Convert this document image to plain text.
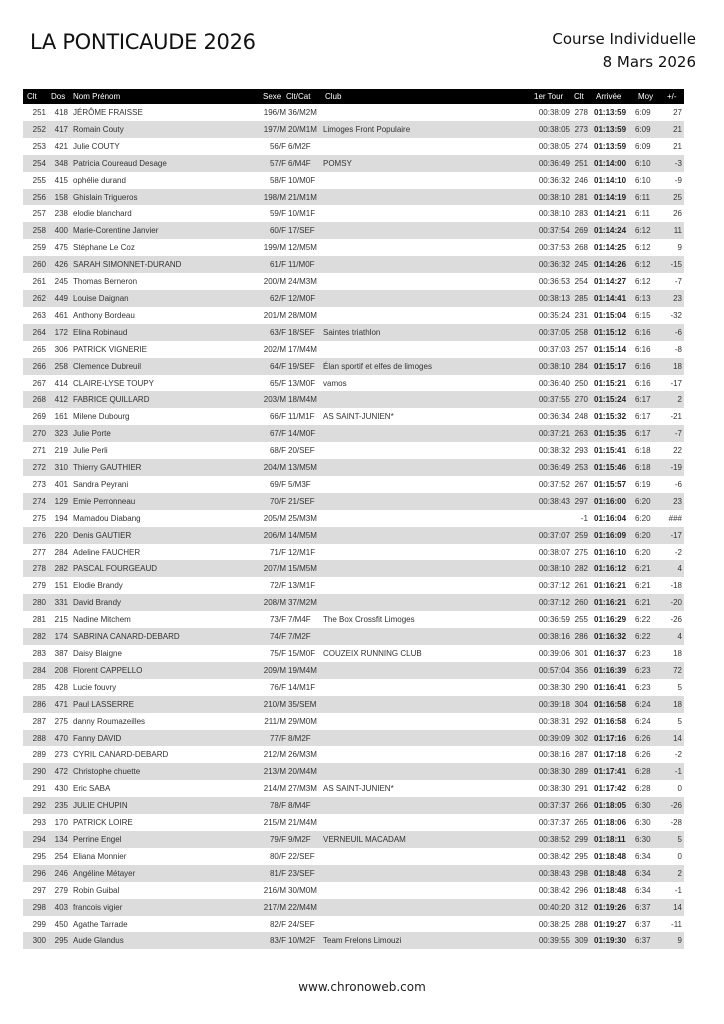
LA PONTICAUDE 2026	Course Individuelle
8 Mars 2026
Clt	Dos Nom Prénom	Sexe Clt/Cat Club	1er Tour Clt Arrivée Moy +/-
251	418 JÉRÔME FRAISSE	196/M 36/M2M	00:38:09 278 01:13:59 6:09	27
252	417 Romain Couty	197/M 20/M1M Limoges Front Populaire	00:38:05 273 01:13:59 6:09	21
253	421 Julie COUTY	56/F 6/M2F	00:38:05 274 01:13:59 6:09	21
254	348 Patricia Coureaud Desage	57/F 6/M4F POMSY	00:36:49 251 01:14:00 6:10	-3
255	415 ophélie durand	58/F 10/M0F	00:36:32 246 01:14:10 6:10	-9
256	158 Ghislain Trigueros	198/M 21/M1M	00:38:10 281 01:14:19 6:11	25
257	238 elodie blanchard	59/F 10/M1F	00:38:10 283 01:14:21 6:11	26
258	400 Marie-Corentine Janvier	60/F 17/SEF	00:37:54 269 01:14:24 6:12	11
259	475 Stéphane Le Coz	199/M 12/M5M	00:37:53 268 01:14:25 6:12	9
260	426 SARAH SIMONNET-DURAND	61/F 11/M0F	00:36:32 245 01:14:26 6:12	-15
261	245 Thomas Berneron	200/M 24/M3M	00:36:53 254 01:14:27 6:12	-7
262	449 Louise Daignan	62/F 12/M0F	00:38:13 285 01:14:41 6:13	23
263	461 Anthony Bordeau	201/M 28/M0M	00:35:24 231 01:15:04 6:15	-32
264	172 Elina Robinaud	63/F 18/SEF Saintes triathlon	00:37:05 258 01:15:12 6:16	-6
265	306 PATRICK VIGNERIE	202/M 17/M4M	00:37:03 257 01:15:14 6:16	-8
266	258 Clemence Dubreuil	64/F 19/SEF Élan sportif et elfes de limoges	00:38:10 284 01:15:17 6:16	18
267	414 CLAIRE-LYSE TOUPY	65/F 13/M0F vamos	00:36:40 250 01:15:21 6:16	-17
268	412 FABRICE QUILLARD	203/M 18/M4M	00:37:55 270 01:15:24 6:17	2
269	161 Milene Dubourg	66/F 11/M1F AS SAINT-JUNIEN*	00:36:34 248 01:15:32 6:17	-21
270	323 Julie Porte	67/F 14/M0F	00:37:21 263 01:15:35 6:17	-7
271	219 Julie Perli	68/F 20/SEF	00:38:32 293 01:15:41 6:18	22
272	310 Thierry GAUTHIER	204/M 13/M5M	00:36:49 253 01:15:46 6:18	-19
273	401 Sandra Peyrani	69/F 5/M3F	00:37:52 267 01:15:57 6:19	-6
274	129 Emie Perronneau	70/F 21/SEF	00:38:43 297 01:16:00 6:20	23
275	194 Mamadou Diabang	205/M 25/M3M	-1 01:16:04 6:20	###
276	220 Denis GAUTIER	206/M 14/M5M	00:37:07 259 01:16:09 6:20	-17
277	284 Adeline FAUCHER	71/F 12/M1F	00:38:07 275 01:16:10 6:20	-2
278	282 PASCAL FOURGEAUD	207/M 15/M5M	00:38:10 282 01:16:12 6:21	4
279	151 Elodie Brandy	72/F 13/M1F	00:37:12 261 01:16:21 6:21	-18
280	331 David Brandy	208/M 37/M2M	00:37:12 260 01:16:21 6:21	-20
281	215 Nadine Mitchem	73/F 7/M4F The Box Crossfit Limoges	00:36:59 255 01:16:29 6:22	-26
282	174 SABRINA CANARD-DEBARD	74/F 7/M2F	00:38:16 286 01:16:32 6:22	4
283	387 Daisy Blaigne	75/F 15/M0F COUZEIX RUNNING CLUB	00:39:06 301 01:16:37 6:23	18
284	208 Florent CAPPELLO	209/M 19/M4M	00:57:04 356 01:16:39 6:23	72
285	428 Lucie fouvry	76/F 14/M1F	00:38:30 290 01:16:41 6:23	5
286	471 Paul LASSERRE	210/M 35/SEM	00:39:18 304 01:16:58 6:24	18
287	275 danny Roumazeilles	211/M 29/M0M	00:38:31 292 01:16:58 6:24	5
288	470 Fanny DAVID	77/F 8/M2F	00:39:09 302 01:17:16 6:26	14
289	273 CYRIL CANARD-DEBARD	212/M 26/M3M	00:38:16 287 01:17:18 6:26	-2
290	472 Christophe chuette	213/M 20/M4M	00:38:30 289 01:17:41 6:28	-1
291	430 Eric SABA	214/M 27/M3M AS SAINT-JUNIEN*	00:38:30 291 01:17:42 6:28	0
292	235 JULIE CHUPIN	78/F 8/M4F	00:37:37 266 01:18:05 6:30	-26
293	170 PATRICK LOIRE	215/M 21/M4M	00:37:37 265 01:18:06 6:30	-28
294	134 Perrine Engel	79/F 9/M2F VERNEUIL MACADAM	00:38:52 299 01:18:11 6:30	5
295	254 Eliana Monnier	80/F 22/SEF	00:38:42 295 01:18:48 6:34	0
296	246 Angéline Métayer	81/F 23/SEF	00:38:43 298 01:18:48 6:34	2
297	279 Robin Guibal	216/M 30/M0M	00:38:42 296 01:18:48 6:34	-1
298	403 francois vigier	217/M 22/M4M	00:40:20 312 01:19:26 6:37	14
299	450 Agathe Tarrade	82/F 24/SEF	00:38:25 288 01:19:27 6:37	-11
300	295 Aude Glandus	83/F 10/M2F Team Frelons Limouzi	00:39:55 309 01:19:30 6:37	9
www.chronoweb.com
